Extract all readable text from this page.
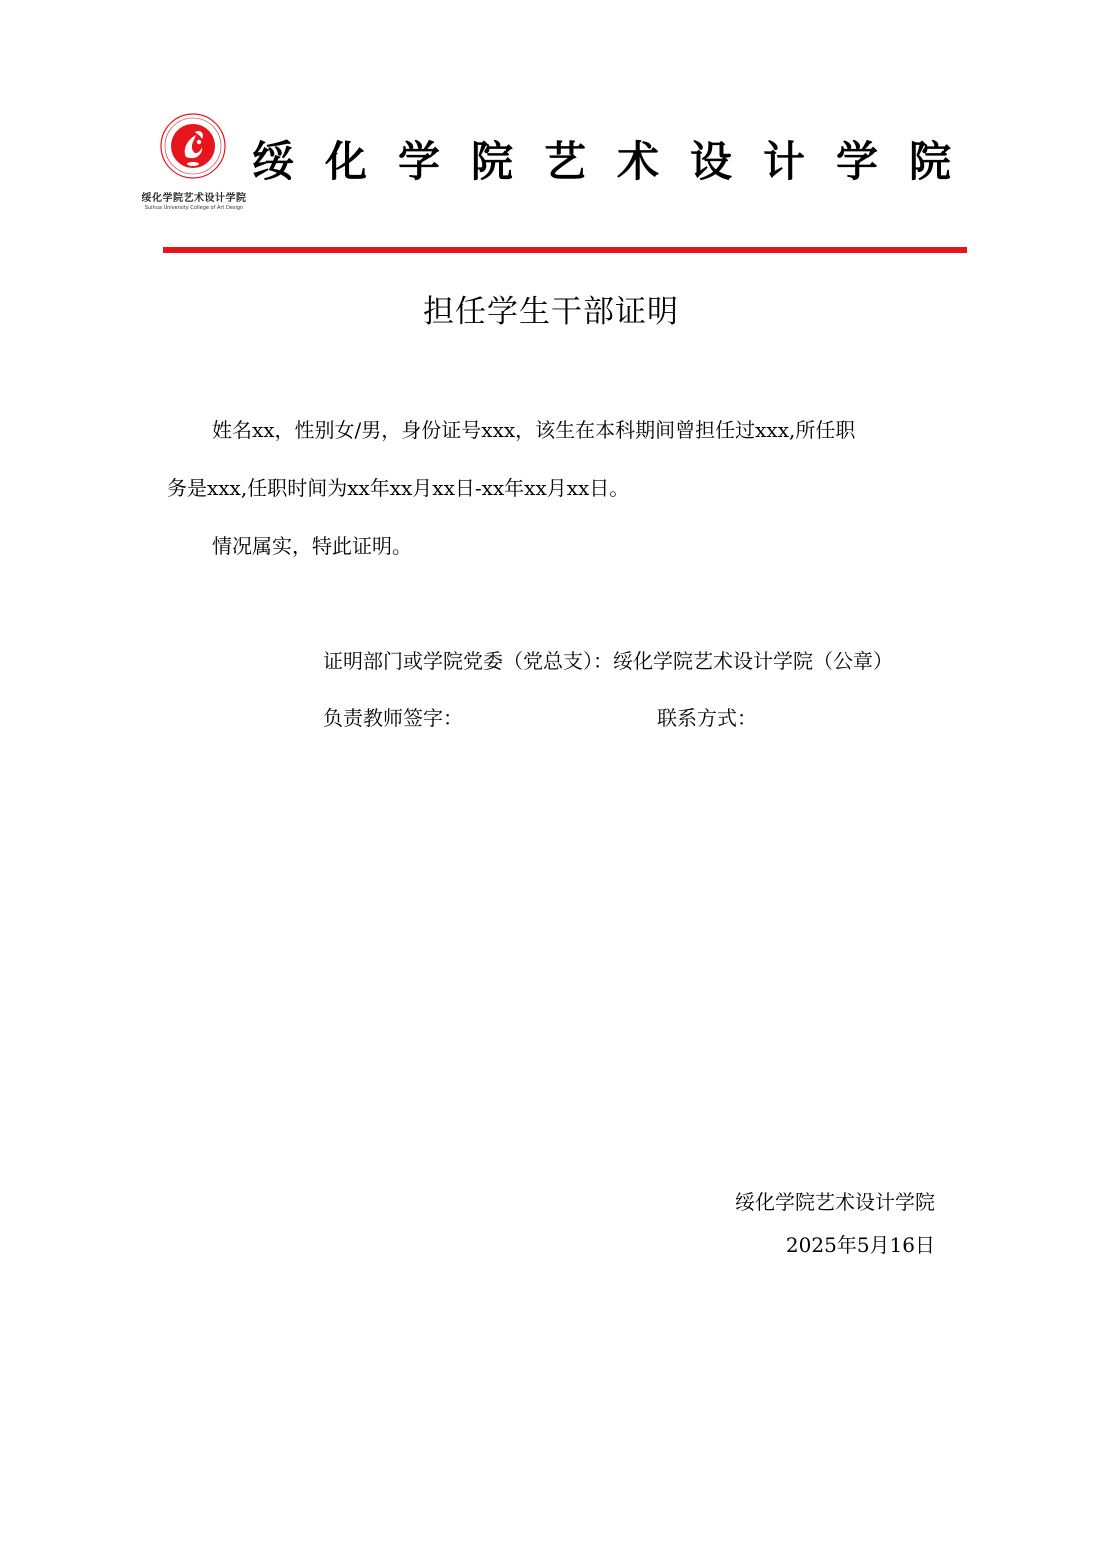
绥化学院艺术设计学院
Suihua University College of Art Design
绥化学院艺术设计学院
担任学生干部证明
姓名xx，性别女/男，身份证号xxx，该生在本科期间曾担任过xxx,所任职
务是xxx,任职时间为xx年xx月xx日-xx年xx月xx日。
情况属实，特此证明。
证明部门或学院党委（党总支）：绥化学院艺术设计学院（公章）
负责教师签字：	联系方式：
绥化学院艺术设计学院
2025年5月16日
